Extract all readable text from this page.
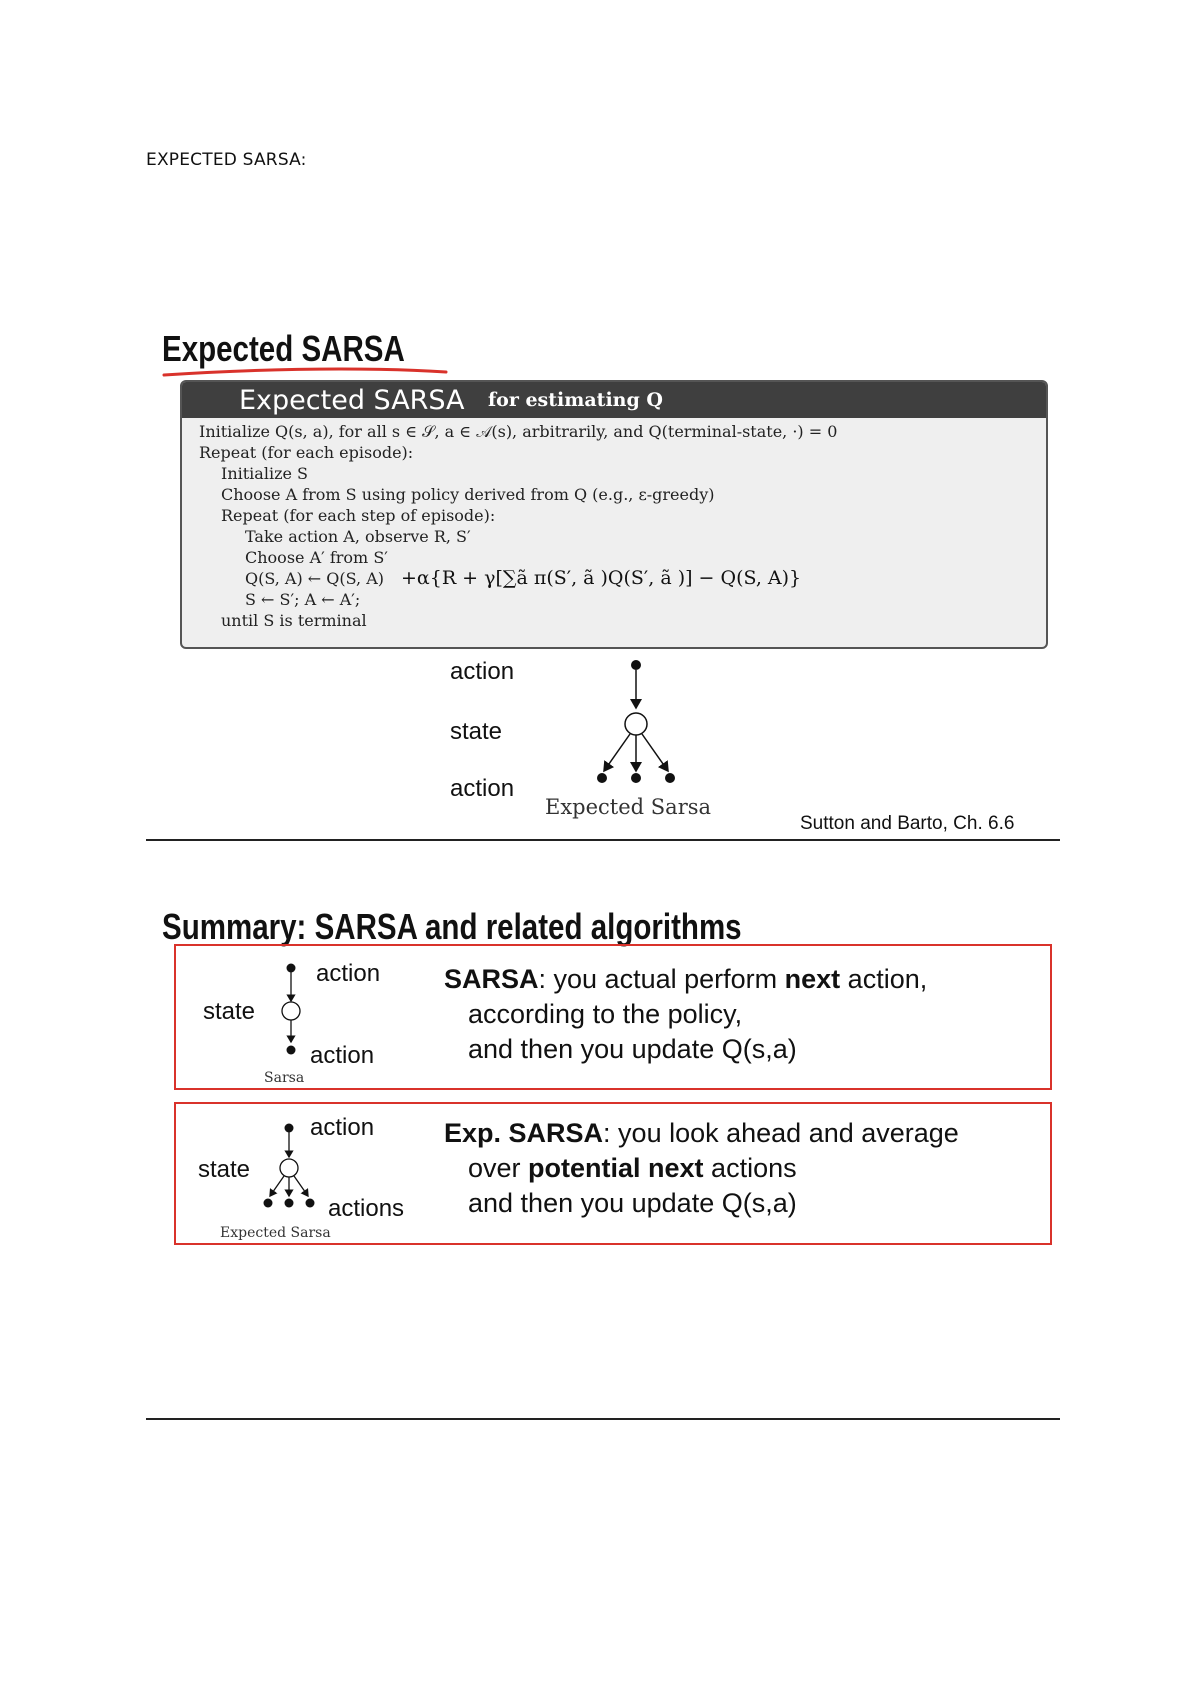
EXPECTED SARSA:
Expected SARSA
Expected SARSA for estimating Q
Initialize Q(s, a), for all s ∈ 𝒮, a ∈ 𝒜(s), arbitrarily, and Q(terminal-state, ·) = 0
Repeat (for each episode):
Initialize S
Choose A from S using policy derived from Q (e.g., ε-greedy)
Repeat (for each step of episode):
Take action A, observe R, S′
Choose A′ from S′
Q(S, A) ← Q(S, A) +α{R + γ[∑ã π(S′, ã )Q(S′, ã )] − Q(S, A)}
S ← S′; A ← A′;
until S is terminal
action
state
action
Expected Sarsa
Sutton and Barto, Ch. 6.6
Summary: SARSA and related algorithms
action
state
action
Sarsa
SARSA: you actual perform next action,
according to the policy,
and then you update Q(s,a)
action
state
actions
Expected Sarsa
Exp. SARSA: you look ahead and average
over potential next actions
and then you update Q(s,a)
